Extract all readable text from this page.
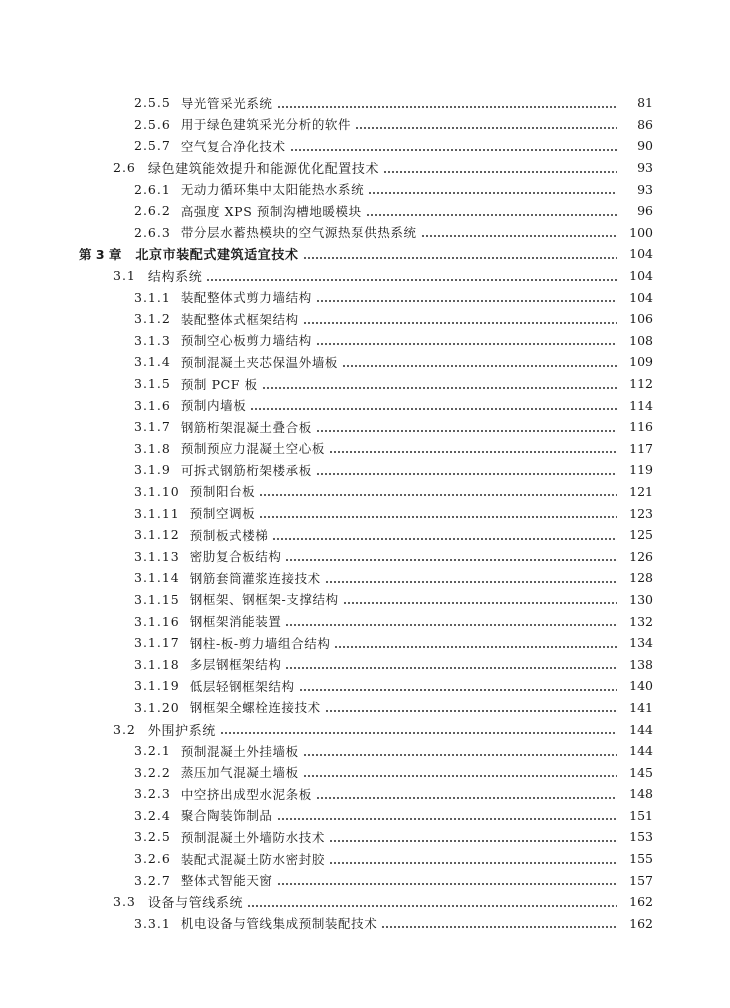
2.5.5 导光管采光系统	81
2.5.6 用于绿色建筑采光分析的软件	86
2.5.7 空气复合净化技术	90
2.6 绿色建筑能效提升和能源优化配置技术	93
2.6.1 无动力循环集中太阳能热水系统	93
2.6.2 高强度 XPS 预制沟槽地暖模块	96
2.6.3 带分层水蓄热模块的空气源热泵供热系统	100
第 3 章 北京市装配式建筑适宜技术	104
3.1 结构系统	104
3.1.1 装配整体式剪力墙结构	104
3.1.2 装配整体式框架结构	106
3.1.3 预制空心板剪力墙结构	108
3.1.4 预制混凝土夹芯保温外墙板	109
3.1.5 预制 PCF 板	112
3.1.6 预制内墙板	114
3.1.7 钢筋桁架混凝土叠合板	116
3.1.8 预制预应力混凝土空心板	117
3.1.9 可拆式钢筋桁架楼承板	119
3.1.10 预制阳台板	121
3.1.11 预制空调板	123
3.1.12 预制板式楼梯	125
3.1.13 密肋复合板结构	126
3.1.14 钢筋套筒灌浆连接技术	128
3.1.15 钢框架、钢框架-支撑结构	130
3.1.16 钢框架消能装置	132
3.1.17 钢柱-板-剪力墙组合结构	134
3.1.18 多层钢框架结构	138
3.1.19 低层轻钢框架结构	140
3.1.20 钢框架全螺栓连接技术	141
3.2 外围护系统	144
3.2.1 预制混凝土外挂墙板	144
3.2.2 蒸压加气混凝土墙板	145
3.2.3 中空挤出成型水泥条板	148
3.2.4 聚合陶装饰制品	151
3.2.5 预制混凝土外墙防水技术	153
3.2.6 装配式混凝土防水密封胶	155
3.2.7 整体式智能天窗	157
3.3 设备与管线系统	162
3.3.1 机电设备与管线集成预制装配技术	162
